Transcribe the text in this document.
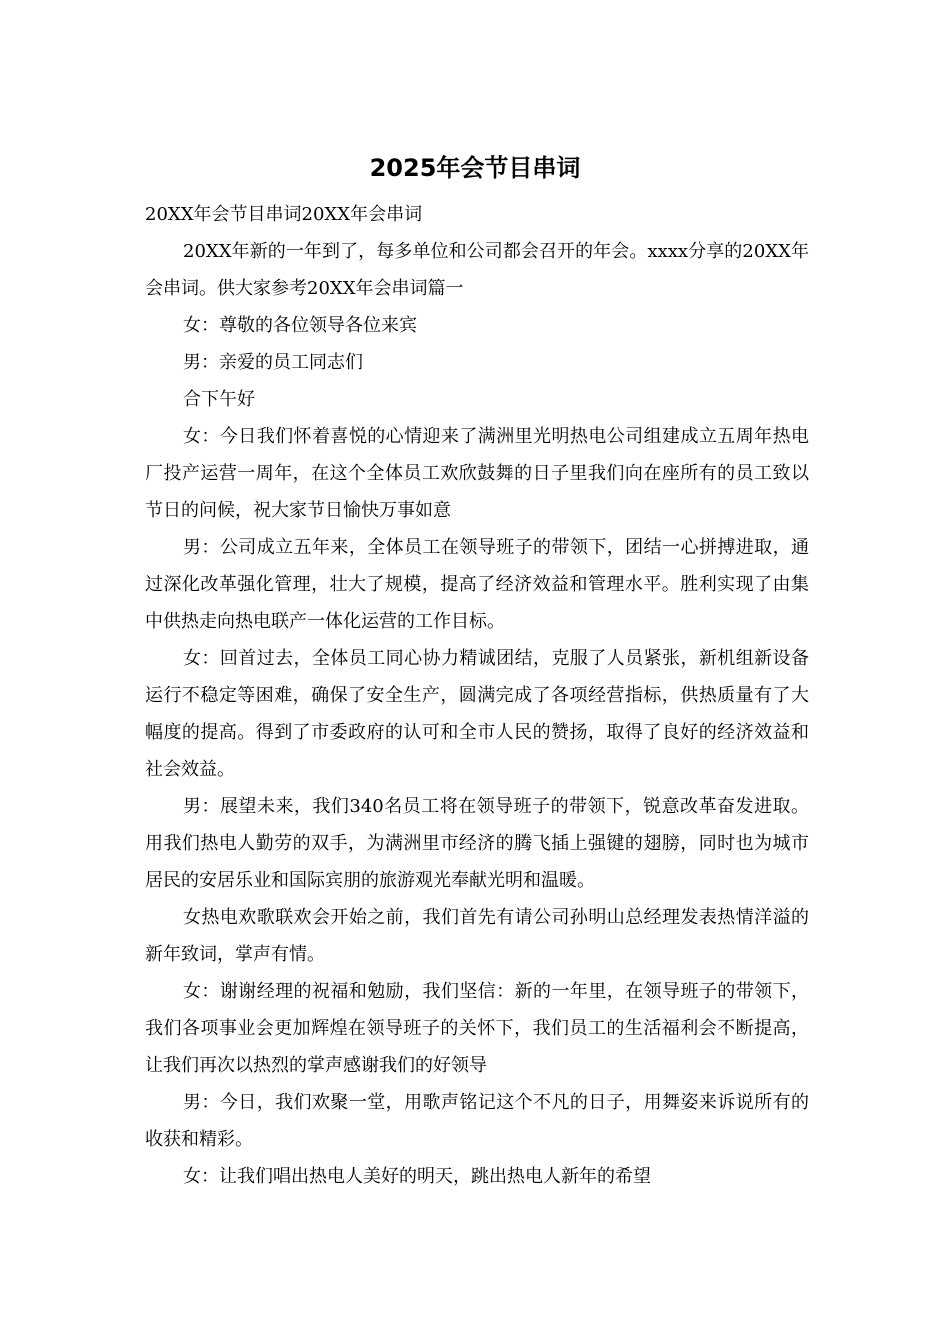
2025年会节目串词

20XX年会节目串词20XX年会串词

20XX年新的一年到了，每多单位和公司都会召开的年会。xxxx分享的20XX年会串词。供大家参考20XX年会串词篇一

女：尊敬的各位领导各位来宾

男：亲爱的员工同志们

合下午好

女：今日我们怀着喜悦的心情迎来了满洲里光明热电公司组建成立五周年热电厂投产运营一周年，在这个全体员工欢欣鼓舞的日子里我们向在座所有的员工致以节日的问候，祝大家节日愉快万事如意

男：公司成立五年来，全体员工在领导班子的带领下，团结一心拼搏进取，通过深化改革强化管理，壮大了规模，提高了经济效益和管理水平。胜利实现了由集中供热走向热电联产一体化运营的工作目标。

女：回首过去，全体员工同心协力精诚团结，克服了人员紧张，新机组新设备运行不稳定等困难，确保了安全生产，圆满完成了各项经营指标，供热质量有了大幅度的提高。得到了市委政府的认可和全市人民的赞扬，取得了良好的经济效益和社会效益。

男：展望未来，我们340名员工将在领导班子的带领下，锐意改革奋发进取。用我们热电人勤劳的双手，为满洲里市经济的腾飞插上强键的翅膀，同时也为城市居民的安居乐业和国际宾朋的旅游观光奉献光明和温暖。

女热电欢歌联欢会开始之前，我们首先有请公司孙明山总经理发表热情洋溢的新年致词，掌声有情。

女：谢谢经理的祝福和勉励，我们坚信：新的一年里，在领导班子的带领下，我们各项事业会更加辉煌在领导班子的关怀下，我们员工的生活福利会不断提高，让我们再次以热烈的掌声感谢我们的好领导

男：今日，我们欢聚一堂，用歌声铭记这个不凡的日子，用舞姿来诉说所有的收获和精彩。

女：让我们唱出热电人美好的明天，跳出热电人新年的希望
